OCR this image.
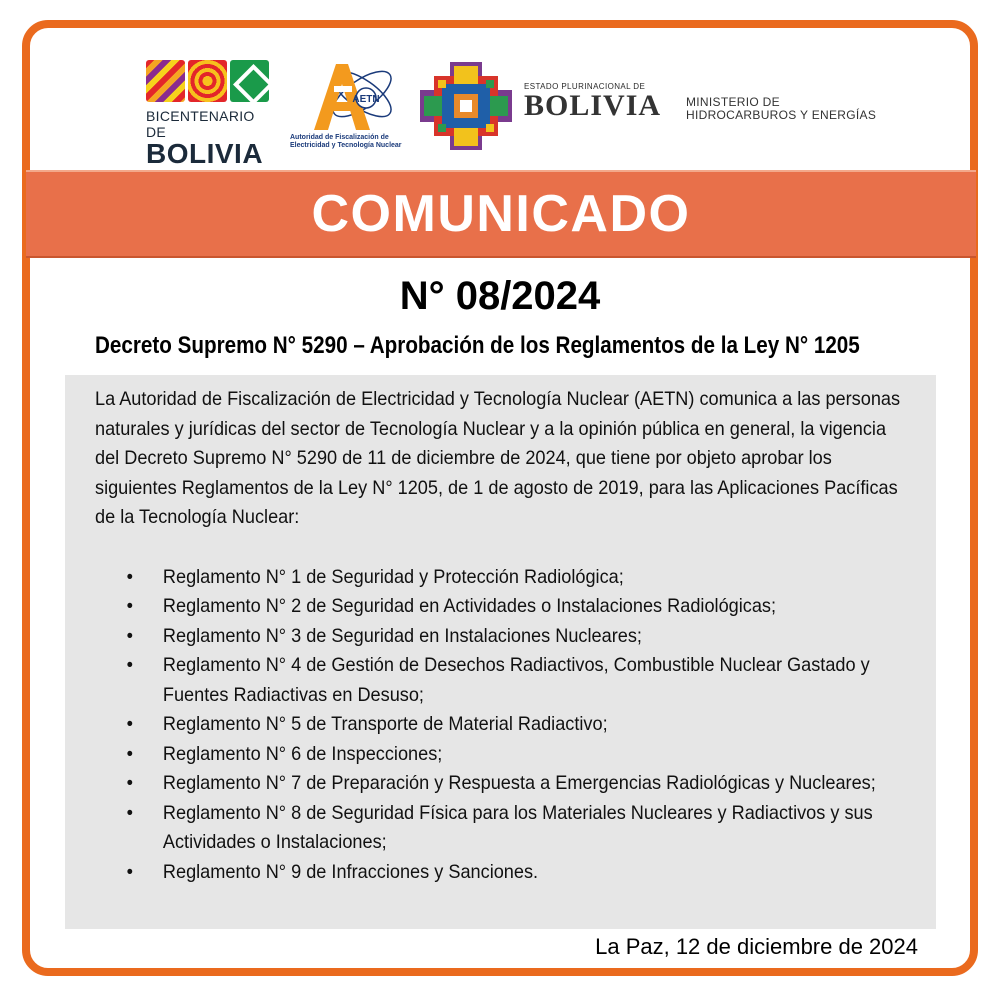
BICENTENARIO DE
BOLIVIA
AETN
Autoridad de Fiscalización de
Electricidad y Tecnología Nuclear
ESTADO PLURINACIONAL DE
BOLIVIA MINISTERIO DE
HIDROCARBUROS Y ENERGÍAS
COMUNICADO
N° 08/2024
Decreto Supremo N° 5290 – Aprobación de los Reglamentos de la Ley N° 1205

La Autoridad de Fiscalización de Electricidad y Tecnología Nuclear (AETN) comunica a las personas naturales y jurídicas del sector de Tecnología Nuclear y a la opinión pública en general, la vigencia del Decreto Supremo N° 5290 de 11 de diciembre de 2024, que tiene por objeto aprobar los siguientes Reglamentos de la Ley N° 1205, de 1 de agosto de 2019, para las Aplicaciones Pacíficas de la Tecnología Nuclear:

• Reglamento N° 1 de Seguridad y Protección Radiológica;
• Reglamento N° 2 de Seguridad en Actividades o Instalaciones Radiológicas;
• Reglamento N° 3 de Seguridad en Instalaciones Nucleares;
• Reglamento N° 4 de Gestión de Desechos Radiactivos, Combustible Nuclear Gastado y Fuentes Radiactivas en Desuso;
• Reglamento N° 5 de Transporte de Material Radiactivo;
• Reglamento N° 6 de Inspecciones;
• Reglamento N° 7 de Preparación y Respuesta a Emergencias Radiológicas y Nucleares;
• Reglamento N° 8 de Seguridad Física para los Materiales Nucleares y Radiactivos y sus Actividades o Instalaciones;
• Reglamento N° 9 de Infracciones y Sanciones.
La Paz, 12 de diciembre de 2024
